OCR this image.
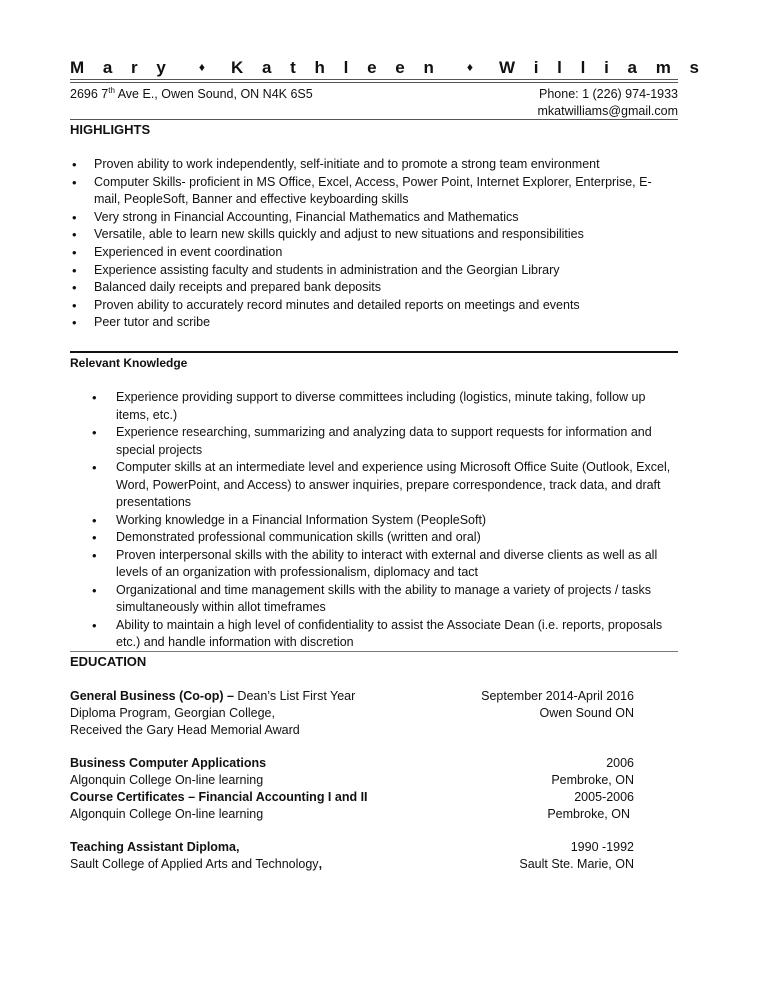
M a r y ♦ K a t h l e e n ♦ W i l l i a m s
2696 7th Ave E., Owen Sound, ON N4K 6S5	Phone: 1 (226) 974-1933
mkatwilliams@gmail.com
HIGHLIGHTS
• Proven ability to work independently, self-initiate and to promote a strong team environment
• Computer Skills- proficient in MS Office, Excel, Access, Power Point, Internet Explorer, Enterprise, E-mail, PeopleSoft, Banner and effective keyboarding skills
• Very strong in Financial Accounting, Financial Mathematics and Mathematics
• Versatile, able to learn new skills quickly and adjust to new situations and responsibilities
• Experienced in event coordination
• Experience assisting faculty and students in administration and the Georgian Library
• Balanced daily receipts and prepared bank deposits
• Proven ability to accurately record minutes and detailed reports on meetings and events
• Peer tutor and scribe
Relevant Knowledge
• Experience providing support to diverse committees including (logistics, minute taking, follow up items, etc.)
• Experience researching, summarizing and analyzing data to support requests for information and special projects
• Computer skills at an intermediate level and experience using Microsoft Office Suite (Outlook, Excel, Word, PowerPoint, and Access) to answer inquiries, prepare correspondence, track data, and draft presentations
• Working knowledge in a Financial Information System (PeopleSoft)
• Demonstrated professional communication skills (written and oral)
• Proven interpersonal skills with the ability to interact with external and diverse clients as well as all levels of an organization with professionalism, diplomacy and tact
• Organizational and time management skills with the ability to manage a variety of projects / tasks simultaneously within allot timeframes
• Ability to maintain a high level of confidentiality to assist the Associate Dean (i.e. reports, proposals etc.) and handle information with discretion
EDUCATION
General Business (Co-op) – Dean’s List First Year	September 2014-April 2016
Diploma Program, Georgian College,	Owen Sound ON
Received the Gary Head Memorial Award
Business Computer Applications	2006
Algonquin College On-line learning	Pembroke, ON
Course Certificates – Financial Accounting I and II	2005-2006
Algonquin College On-line learning	Pembroke, ON
Teaching Assistant Diploma,	1990 -1992
Sault College of Applied Arts and Technology,	Sault Ste. Marie, ON
